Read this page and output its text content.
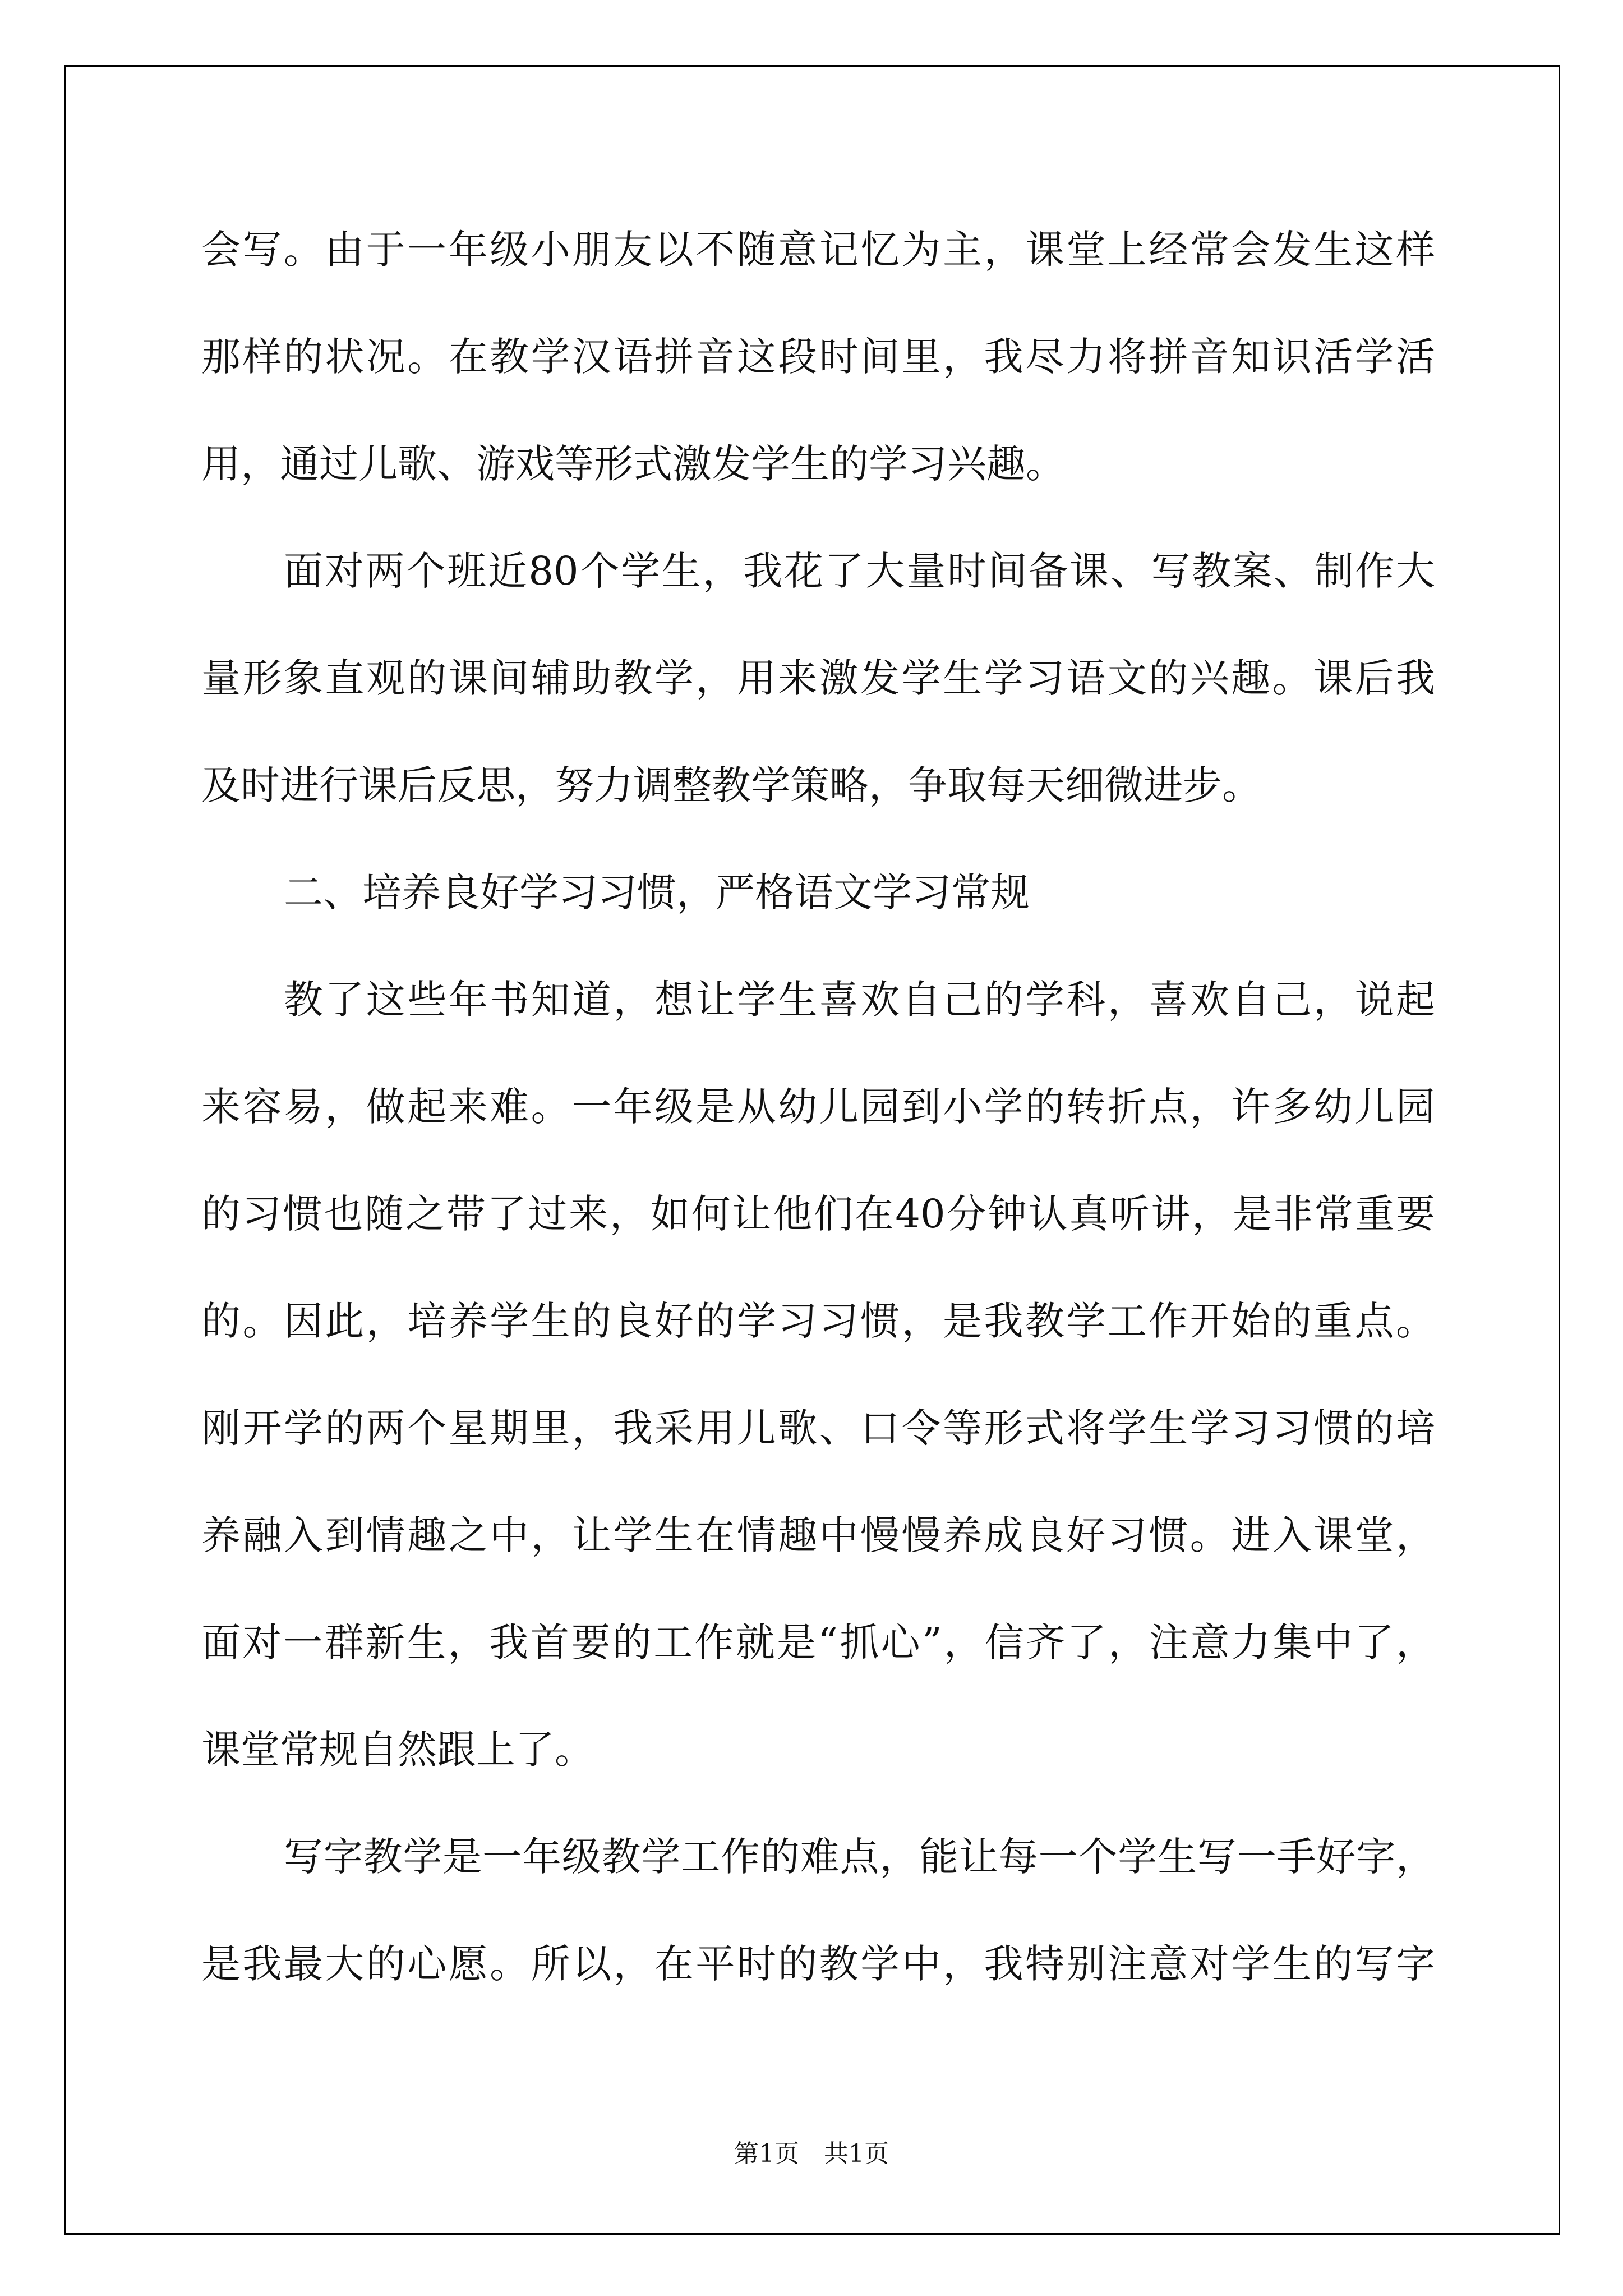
会写。由于一年级小朋友以不随意记忆为主，课堂上经常会发生这样
那样的状况。在教学汉语拼音这段时间里，我尽力将拼音知识活学活
用，通过儿歌、游戏等形式激发学生的学习兴趣。
面对两个班近80个学生，我花了大量时间备课、写教案、制作大
量形象直观的课间辅助教学，用来激发学生学习语文的兴趣。课后我
及时进行课后反思，努力调整教学策略，争取每天细微进步。
二、培养良好学习习惯，严格语文学习常规
教了这些年书知道，想让学生喜欢自己的学科，喜欢自己，说起
来容易，做起来难。一年级是从幼儿园到小学的转折点，许多幼儿园
的习惯也随之带了过来，如何让他们在40分钟认真听讲，是非常重要
的。因此，培养学生的良好的学习习惯，是我教学工作开始的重点。
刚开学的两个星期里，我采用儿歌、口令等形式将学生学习习惯的培
养融入到情趣之中，让学生在情趣中慢慢养成良好习惯。进入课堂，
面对一群新生，我首要的工作就是“抓心”，信齐了，注意力集中了，
课堂常规自然跟上了。
写字教学是一年级教学工作的难点，能让每一个学生写一手好字，
是我最大的心愿。所以，在平时的教学中，我特别注意对学生的写字
第1页　共1页
